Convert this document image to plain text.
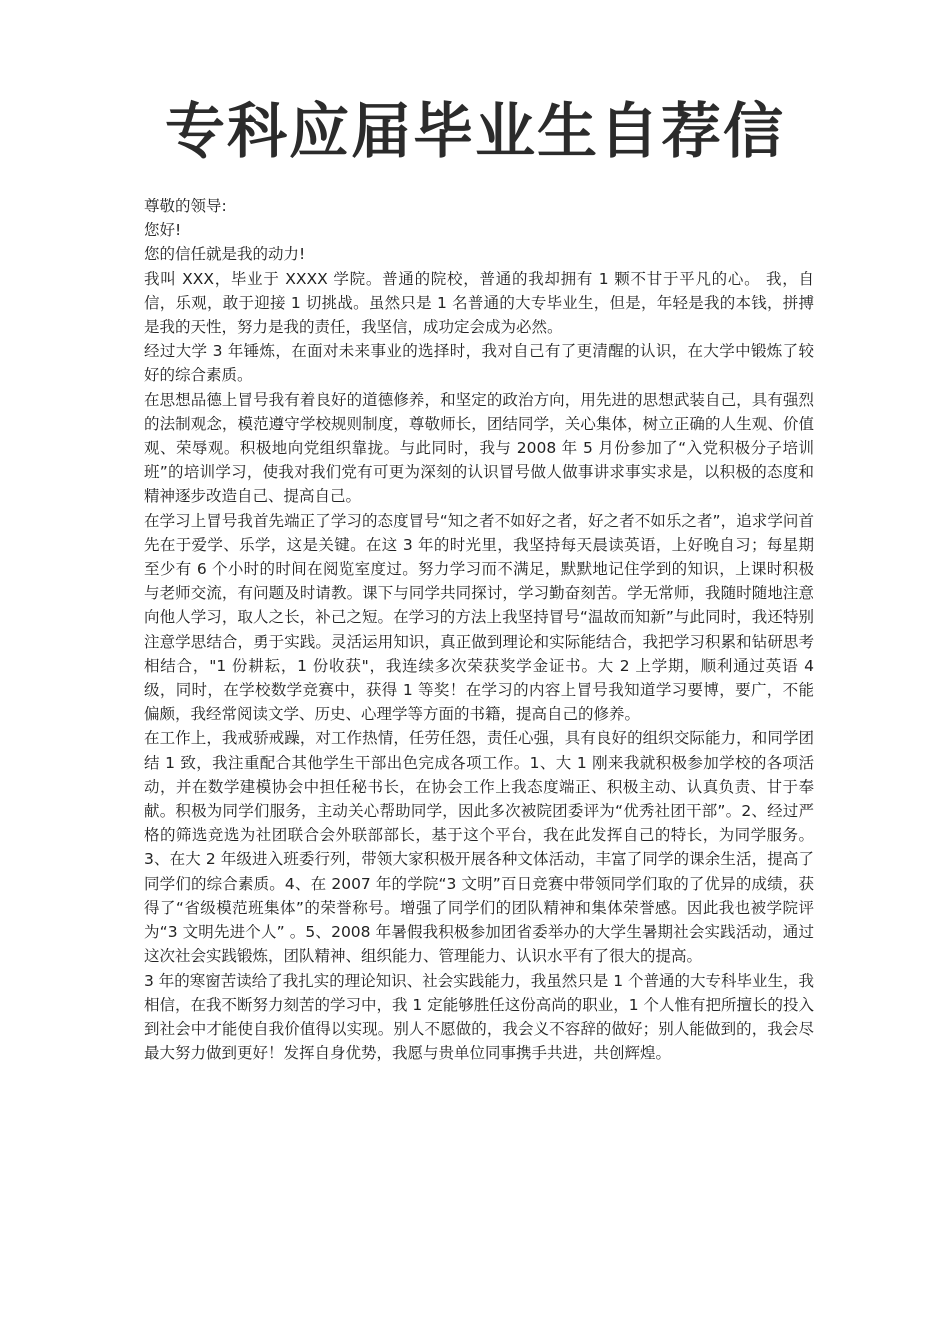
专科应届毕业生自荐信

尊敬的领导:

您好!

您的信任就是我的动力!

我叫 XXX，毕业于 XXXX 学院。普通的院校，普通的我却拥有 1 颗不甘于平凡的心。 我，自信，乐观，敢于迎接 1 切挑战。虽然只是 1 名普通的大专毕业生，但是，年轻是我的本钱，拼搏是我的天性，努力是我的责任，我坚信，成功定会成为必然。

经过大学 3 年锤炼，在面对未来事业的选择时，我对自己有了更清醒的认识，在大学中锻炼了较好的综合素质。

在思想品德上冒号我有着良好的道德修养，和坚定的政治方向，用先进的思想武装自己，具有强烈的法制观念，模范遵守学校规则制度，尊敬师长，团结同学，关心集体，树立正确的人生观、价值观、荣辱观。积极地向党组织靠拢。与此同时，我与 2008 年 5 月份参加了“入党积极分子培训班”的培训学习，使我对我们党有可更为深刻的认识冒号做人做事讲求事实求是，以积极的态度和精神逐步改造自己、提高自己。

在学习上冒号我首先端正了学习的态度冒号“知之者不如好之者，好之者不如乐之者”，追求学问首先在于爱学、乐学，这是关键。在这 3 年的时光里，我坚持每天晨读英语，上好晚自习；每星期至少有 6 个小时的时间在阅览室度过。努力学习而不满足，默默地记住学到的知识，上课时积极与老师交流，有问题及时请教。课下与同学共同探讨，学习勤奋刻苦。学无常师，我随时随地注意向他人学习，取人之长，补己之短。在学习的方法上我坚持冒号“温故而知新”与此同时，我还特别注意学思结合，勇于实践。灵活运用知识，真正做到理论和实际能结合，我把学习积累和钻研思考相结合，"1 份耕耘，1 份收获"，我连续多次荣获奖学金证书。大 2 上学期，顺利通过英语 4 级，同时，在学校数学竞赛中，获得 1 等奖！在学习的内容上冒号我知道学习要博，要广，不能偏颇，我经常阅读文学、历史、心理学等方面的书籍，提高自己的修养。

在工作上，我戒骄戒躁，对工作热情，任劳任怨，责任心强，具有良好的组织交际能力，和同学团结 1 致，我注重配合其他学生干部出色完成各项工作。1、大 1 刚来我就积极参加学校的各项活动，并在数学建模协会中担任秘书长，在协会工作上我态度端正、积极主动、认真负责、甘于奉献。积极为同学们服务，主动关心帮助同学，因此多次被院团委评为“优秀社团干部”。2、经过严格的筛选竞选为社团联合会外联部部长，基于这个平台，我在此发挥自己的特长，为同学服务。3、在大 2 年级进入班委行列，带领大家积极开展各种文体活动，丰富了同学的课余生活，提高了同学们的综合素质。4、在 2007 年的学院“3 文明”百日竞赛中带领同学们取的了优异的成绩，获得了“省级模范班集体”的荣誉称号。增强了同学们的团队精神和集体荣誉感。因此我也被学院评为“3 文明先进个人” 。5、2008 年暑假我积极参加团省委举办的大学生暑期社会实践活动，通过这次社会实践锻炼，团队精神、组织能力、管理能力、认识水平有了很大的提高。

3 年的寒窗苦读给了我扎实的理论知识、社会实践能力，我虽然只是 1 个普通的大专科毕业生，我相信，在我不断努力刻苦的学习中，我 1 定能够胜任这份高尚的职业，1 个人惟有把所擅长的投入到社会中才能使自我价值得以实现。别人不愿做的，我会义不容辞的做好；别人能做到的，我会尽最大努力做到更好！发挥自身优势，我愿与贵单位同事携手共进，共创辉煌。
